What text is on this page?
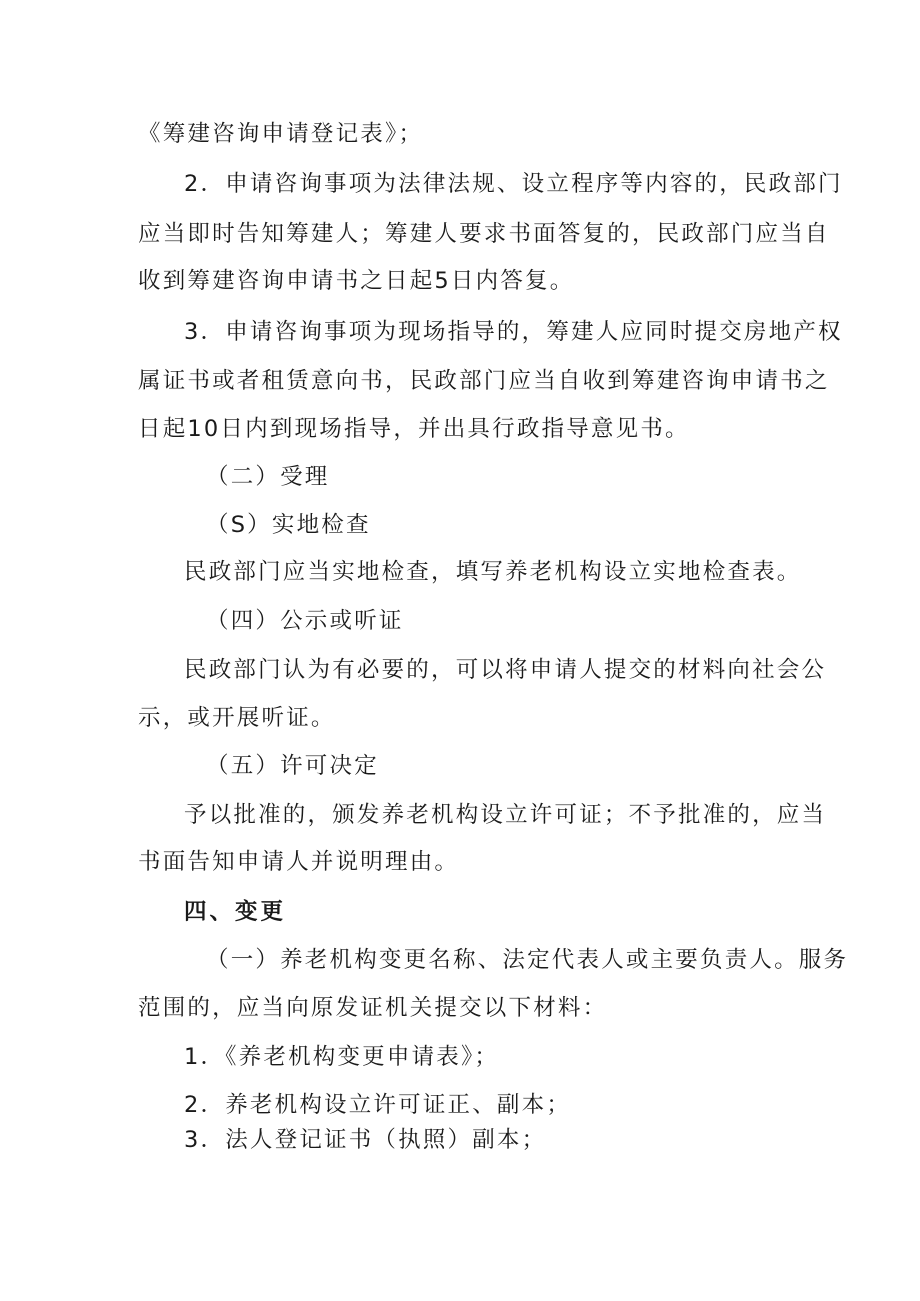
《筹建咨询申请登记表》；
2．申请咨询事项为法律法规、设立程序等内容的，民政部门
应当即时告知筹建人；筹建人要求书面答复的，民政部门应当自
收到筹建咨询申请书之日起5日内答复。
3．申请咨询事项为现场指导的，筹建人应同时提交房地产权
属证书或者租赁意向书，民政部门应当自收到筹建咨询申请书之
日起10日内到现场指导，并出具行政指导意见书。
（二）受理
（S）实地检查
民政部门应当实地检查，填写养老机构设立实地检查表。
（四）公示或听证
民政部门认为有必要的，可以将申请人提交的材料向社会公
示，或开展听证。
（五）许可决定
予以批准的，颁发养老机构设立许可证；不予批准的，应当
书面告知申请人并说明理由。
四、变更
（一）养老机构变更名称、法定代表人或主要负责人。服务
范围的，应当向原发证机关提交以下材料：
1．《养老机构变更申请表》；
2．养老机构设立许可证正、副本；
3．法人登记证书（执照）副本；
